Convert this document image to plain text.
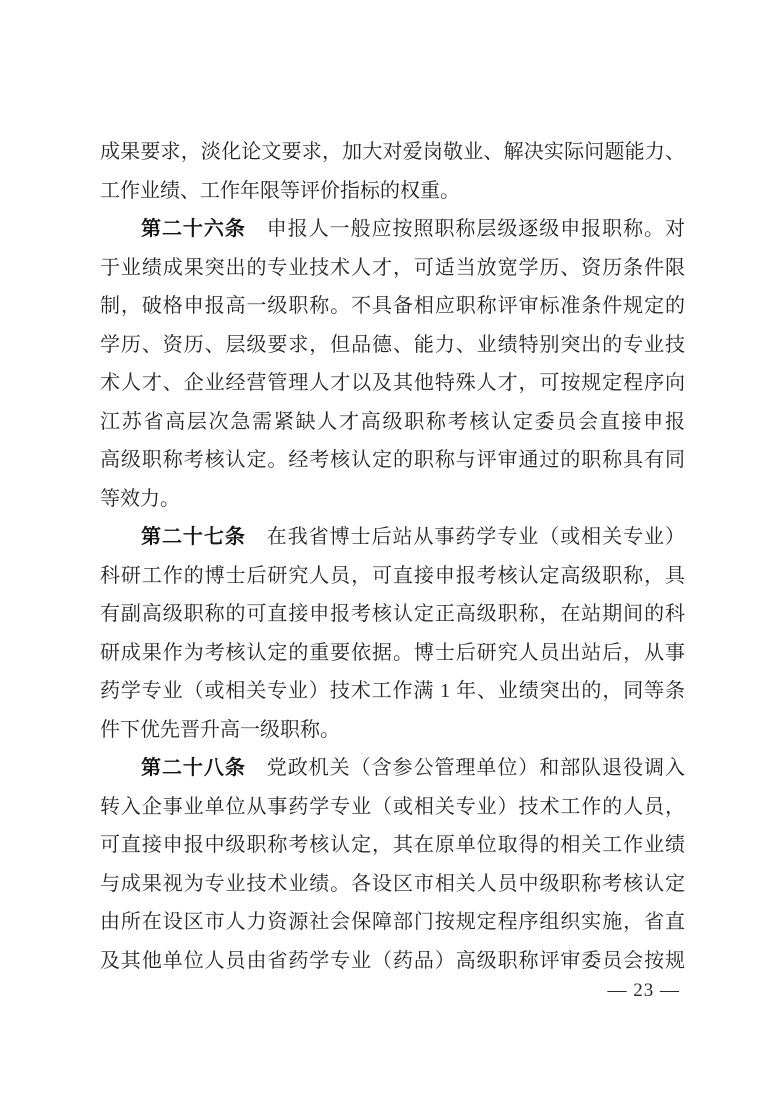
成果要求，淡化论文要求，加大对爱岗敬业、解决实际问题能力、
工作业绩、工作年限等评价指标的权重。
第二十六条　申报人一般应按照职称层级逐级申报职称。对
于业绩成果突出的专业技术人才，可适当放宽学历、资历条件限
制，破格申报高一级职称。不具备相应职称评审标准条件规定的
学历、资历、层级要求，但品德、能力、业绩特别突出的专业技
术人才、企业经营管理人才以及其他特殊人才，可按规定程序向
江苏省高层次急需紧缺人才高级职称考核认定委员会直接申报
高级职称考核认定。经考核认定的职称与评审通过的职称具有同
等效力。
第二十七条　在我省博士后站从事药学专业（或相关专业）
科研工作的博士后研究人员，可直接申报考核认定高级职称，具
有副高级职称的可直接申报考核认定正高级职称，在站期间的科
研成果作为考核认定的重要依据。博士后研究人员出站后，从事
药学专业（或相关专业）技术工作满 1 年、业绩突出的，同等条
件下优先晋升高一级职称。
第二十八条　党政机关（含参公管理单位）和部队退役调入
转入企事业单位从事药学专业（或相关专业）技术工作的人员，
可直接申报中级职称考核认定，其在原单位取得的相关工作业绩
与成果视为专业技术业绩。各设区市相关人员中级职称考核认定
由所在设区市人力资源社会保障部门按规定程序组织实施，省直
及其他单位人员由省药学专业（药品）高级职称评审委员会按规
— 23 —
